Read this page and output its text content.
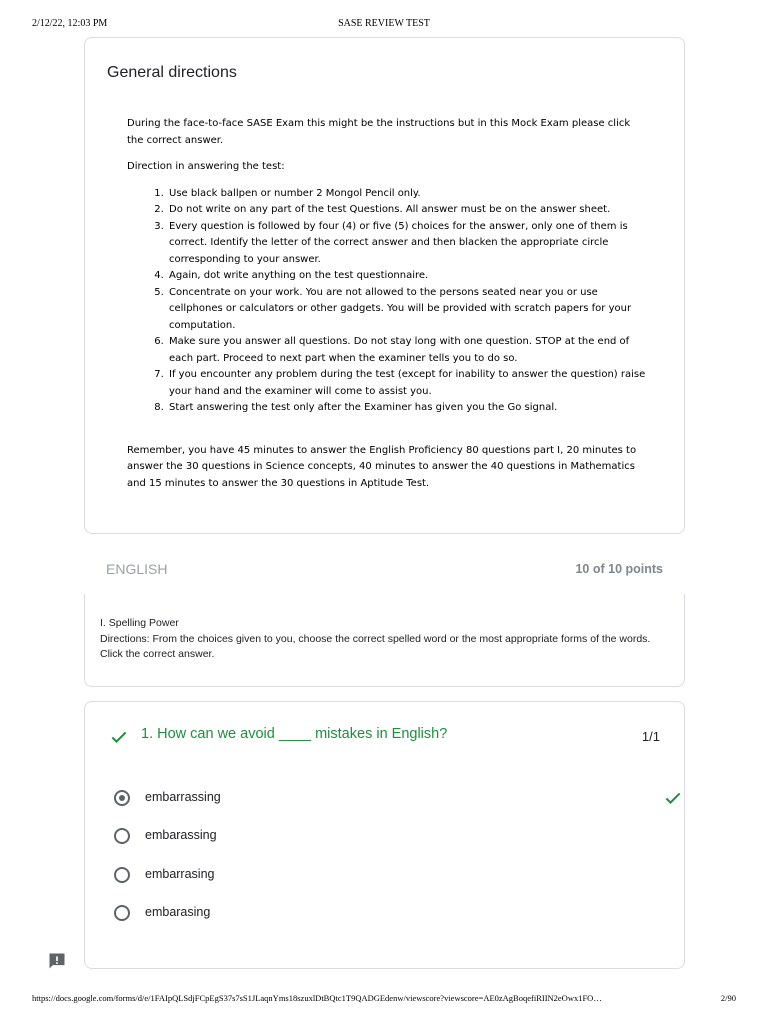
2/12/22, 12:03 PM	SASE REVIEW TEST
General directions

During the face-to-face SASE Exam this might be the instructions but in this Mock Exam please click the correct answer.

Direction in answering the test:

1. Use black ballpen or number 2 Mongol Pencil only.
2. Do not write on any part of the test Questions. All answer must be on the answer sheet.
3. Every question is followed by four (4) or five (5) choices for the answer, only one of them is correct. Identify the letter of the correct answer and then blacken the appropriate circle corresponding to your answer.
4. Again, dot write anything on the test questionnaire.
5. Concentrate on your work. You are not allowed to the persons seated near you or use cellphones or calculators or other gadgets. You will be provided with scratch papers for your computation.
6. Make sure you answer all questions. Do not stay long with one question. STOP at the end of each part. Proceed to next part when the examiner tells you to do so.
7. If you encounter any problem during the test (except for inability to answer the question) raise your hand and the examiner will come to assist you.
8. Start answering the test only after the Examiner has given you the Go signal.

Remember, you have 45 minutes to answer the English Proficiency 80 questions part I, 20 minutes to answer the 30 questions in Science concepts, 40 minutes to answer the 40 questions in Mathematics and 15 minutes to answer the 30 questions in Aptitude Test.

ENGLISH	10 of 10 points
I. Spelling Power
Directions: From the choices given to you, choose the correct spelled word or the most appropriate forms of the words. Click the correct answer.
1. How can we avoid ____ mistakes in English?	1/1
embarrassing
embarassing
embarrasing
embarasing
https://docs.google.com/forms/d/e/1FAIpQLSdjFCpEgS37s7sS1JLaqnYms18szuxlDtBQtc1T9QADGEdenw/viewscore?viewscore=AE0zAgBoqefiRIIN2eOwx1FO…	2/90
